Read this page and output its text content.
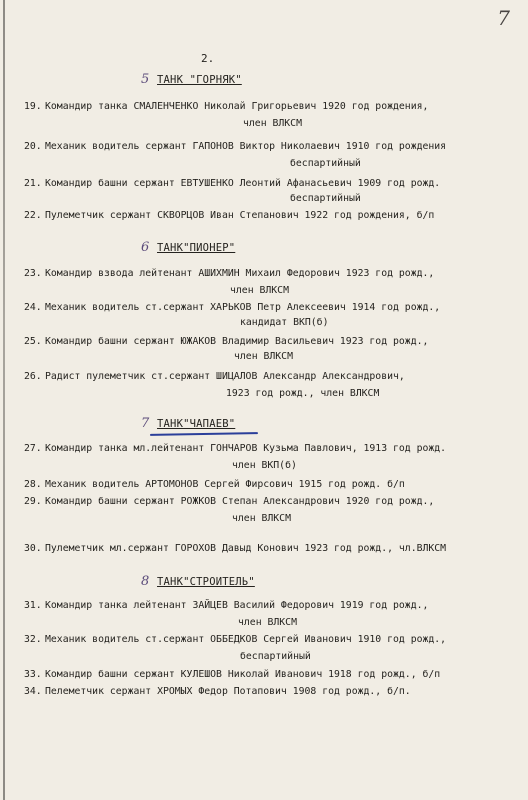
7
2.
5 ТАНК "ГОРНЯК"
19. Командир танка СМАЛЕНЧЕНКО Николай Григорьевич 1920 год рождения,
член ВЛКСМ
20. Механик водитель сержант ГАПОНОВ Виктор Николаевич 1910 год рождения
беспартийный
21. Командир башни сержант ЕВТУШЕНКО Леонтий Афанасьевич 1909 год рожд.
беспартийный
22. Пулеметчик сержант СКВОРЦОВ Иван Степанович 1922 год рождения, б/п
6 ТАНК"ПИОНЕР"
23. Командир взвода лейтенант АШИХМИН Михаил Федорович 1923 год рожд.,
член ВЛКСМ
24. Механик водитель ст.сержант ХАРЬКОВ Петр Алексеевич 1914 год рожд.,
кандидат ВКП(б)
25. Командир башни сержант ЮЖАКОВ Владимир Васильевич 1923 год рожд.,
член ВЛКСМ
26. Радист пулеметчик ст.сержант ШИЦАЛОВ Александр Александрович,
1923 год рожд., член ВЛКСМ
7 ТАНК"ЧАПАЕВ"
27. Командир танка мл.лейтенант ГОНЧАРОВ Кузьма Павлович, 1913 год рожд.
член ВКП(б)
28. Механик водитель АРТОМОНОВ Сергей Фирсович 1915 год рожд. б/п
29. Командир башни сержант РОЖКОВ Степан Александрович 1920 год рожд.,
член ВЛКСМ
30. Пулеметчик мл.сержант ГОРОХОВ Давыд Конович 1923 год рожд., чл.ВЛКСМ
8 ТАНК"СТРОИТЕЛЬ"
31. Командир танка лейтенант ЗАЙЦЕВ Василий Федорович 1919 год рожд.,
член ВЛКСМ
32. Механик водитель ст.сержант ОББЕДКОВ Сергей Иванович 1910 год рожд.,
беспартийный
33. Командир башни сержант КУЛЕШОВ Николай Иванович 1918 год рожд., б/п
34. Пелеметчик сержант ХРОМЫХ Федор Потапович 1908 год рожд., б/п.
